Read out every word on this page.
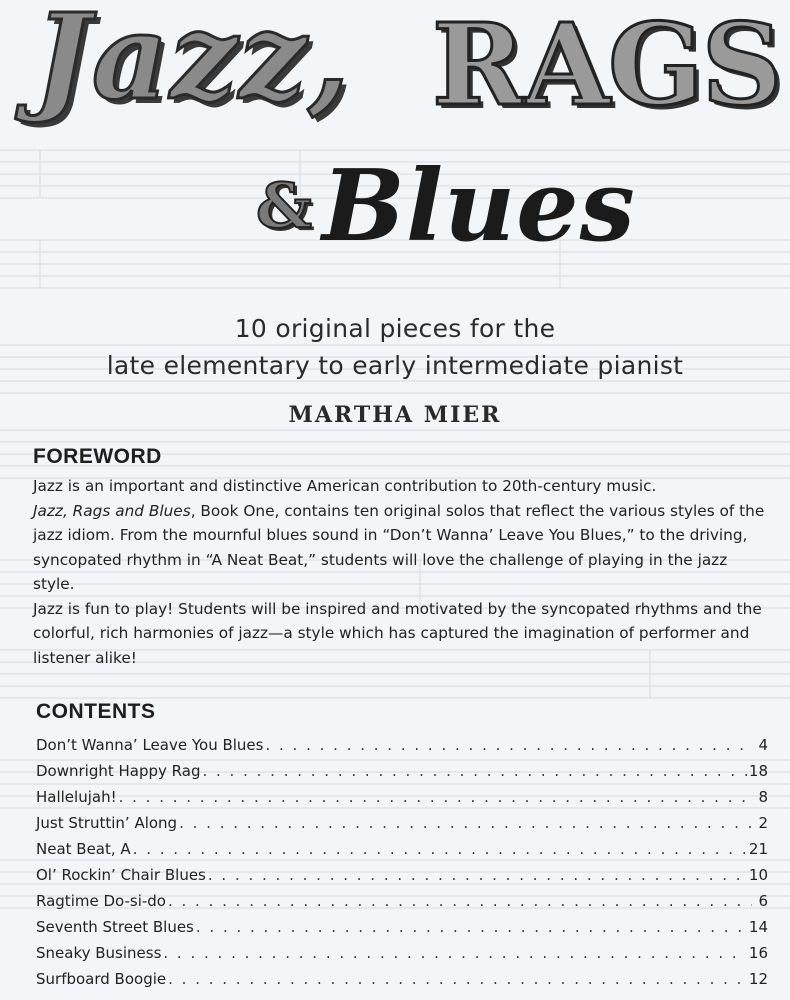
Jazz, RAGS
& Blues
10 original pieces for the
late elementary to early intermediate pianist
MARTHA MIER
FOREWORD

Jazz is an important and distinctive American contribution to 20th-century music.
Jazz, Rags and Blues, Book One, contains ten original solos that reflect the various styles of the jazz idiom. From the mournful blues sound in “Don’t Wanna’ Leave You Blues,” to the driving, syncopated rhythm in “A Neat Beat,” students will love the challenge of playing in the jazz style.

Jazz is fun to play! Students will be inspired and motivated by the syncopated rhythms and the colorful, rich harmonies of jazz—a style which has captured the imagination of performer and listener alike!

CONTENTS
Don’t Wanna’ Leave You Blues . . .	4
Downright Happy Rag . . .	18
Hallelujah! . . .	8
Just Struttin’ Along . . .	2
Neat Beat, A . . .	21
Ol’ Rockin’ Chair Blues . . .	10
Ragtime Do-si-do . . .	6
Seventh Street Blues . . .	14
Sneaky Business . . .	16
Surfboard Boogie . . .	12
